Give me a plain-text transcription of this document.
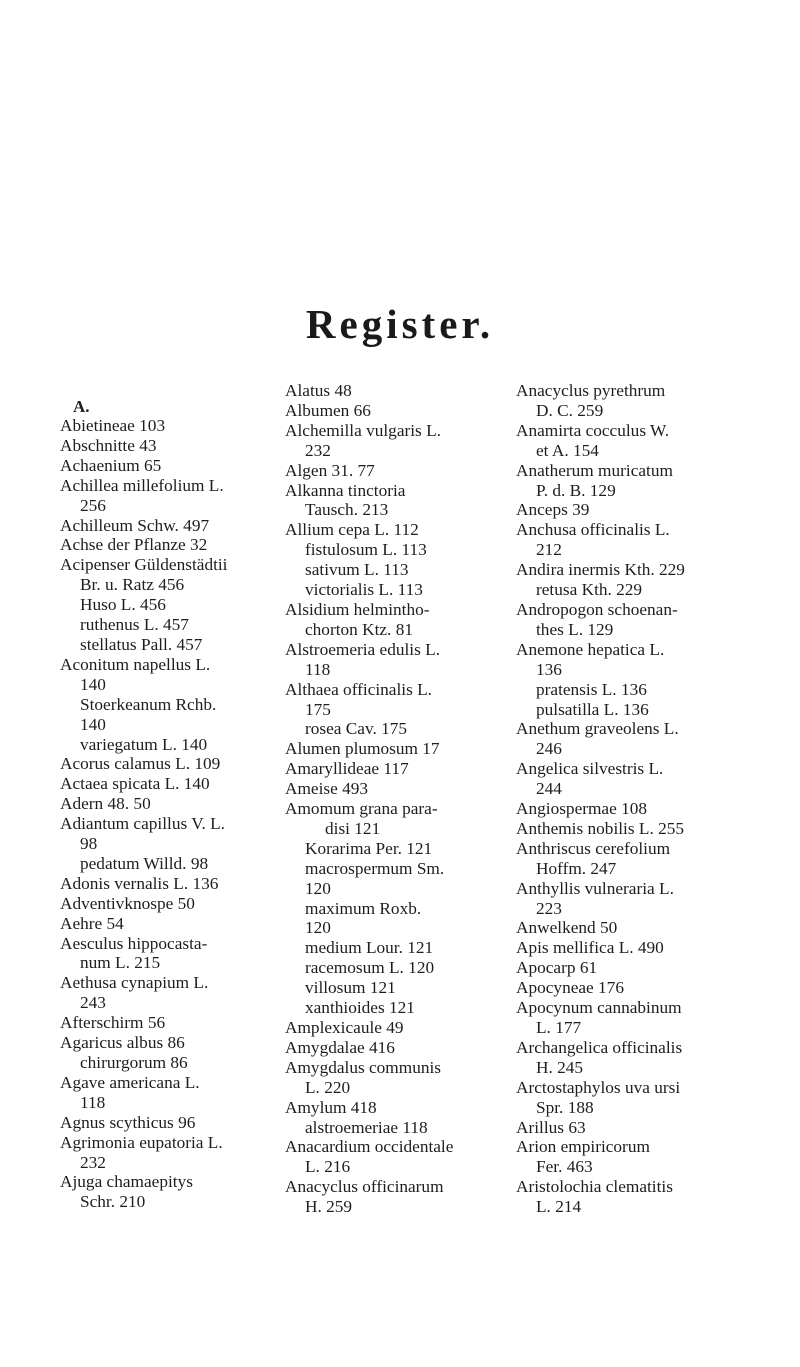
Register.
A.
Abietineae 103
Abschnitte 43
Achaenium 65
Achillea millefolium L.
256
Achilleum Schw. 497
Achse der Pflanze 32
Acipenser Güldenstädtii
Br. u. Ratz 456
Huso L. 456
ruthenus L. 457
stellatus Pall. 457
Aconitum napellus L.
140
Stoerkeanum Rchb.
140
variegatum L. 140
Acorus calamus L. 109
Actaea spicata L. 140
Adern 48. 50
Adiantum capillus V. L.
98
pedatum Willd. 98
Adonis vernalis L. 136
Adventivknospe 50
Aehre 54
Aesculus hippocasta-
num L. 215
Aethusa cynapium L.
243
Afterschirm 56
Agaricus albus 86
chirurgorum 86
Agave americana L.
118
Agnus scythicus 96
Agrimonia eupatoria L.
232
Ajuga chamaepitys
Schr. 210
Alatus 48
Albumen 66
Alchemilla vulgaris L.
232
Algen 31. 77
Alkanna tinctoria
Tausch. 213
Allium cepa L. 112
fistulosum L. 113
sativum L. 113
victorialis L. 113
Alsidium helmintho-
chorton Ktz. 81
Alstroemeria edulis L.
118
Althaea officinalis L.
175
rosea Cav. 175
Alumen plumosum 17
Amaryllideae 117
Ameise 493
Amomum grana para-
disi 121
Korarima Per. 121
macrospermum Sm.
120
maximum Roxb.
120
medium Lour. 121
racemosum L. 120
villosum 121
xanthioides 121
Amplexicaule 49
Amygdalae 416
Amygdalus communis
L. 220
Amylum 418
alstroemeriae 118
Anacardium occidentale
L. 216
Anacyclus officinarum
H. 259
Anacyclus pyrethrum
D. C. 259
Anamirta cocculus W.
et A. 154
Anatherum muricatum
P. d. B. 129
Anceps 39
Anchusa officinalis L.
212
Andira inermis Kth. 229
retusa Kth. 229
Andropogon schoenan-
thes L. 129
Anemone hepatica L.
136
pratensis L. 136
pulsatilla L. 136
Anethum graveolens L.
246
Angelica silvestris L.
244
Angiospermae 108
Anthemis nobilis L. 255
Anthriscus cerefolium
Hoffm. 247
Anthyllis vulneraria L.
223
Anwelkend 50
Apis mellifica L. 490
Apocarp 61
Apocyneae 176
Apocynum cannabinum
L. 177
Archangelica officinalis
H. 245
Arctostaphylos uva ursi
Spr. 188
Arillus 63
Arion empiricorum
Fer. 463
Aristolochia clematitis
L. 214
